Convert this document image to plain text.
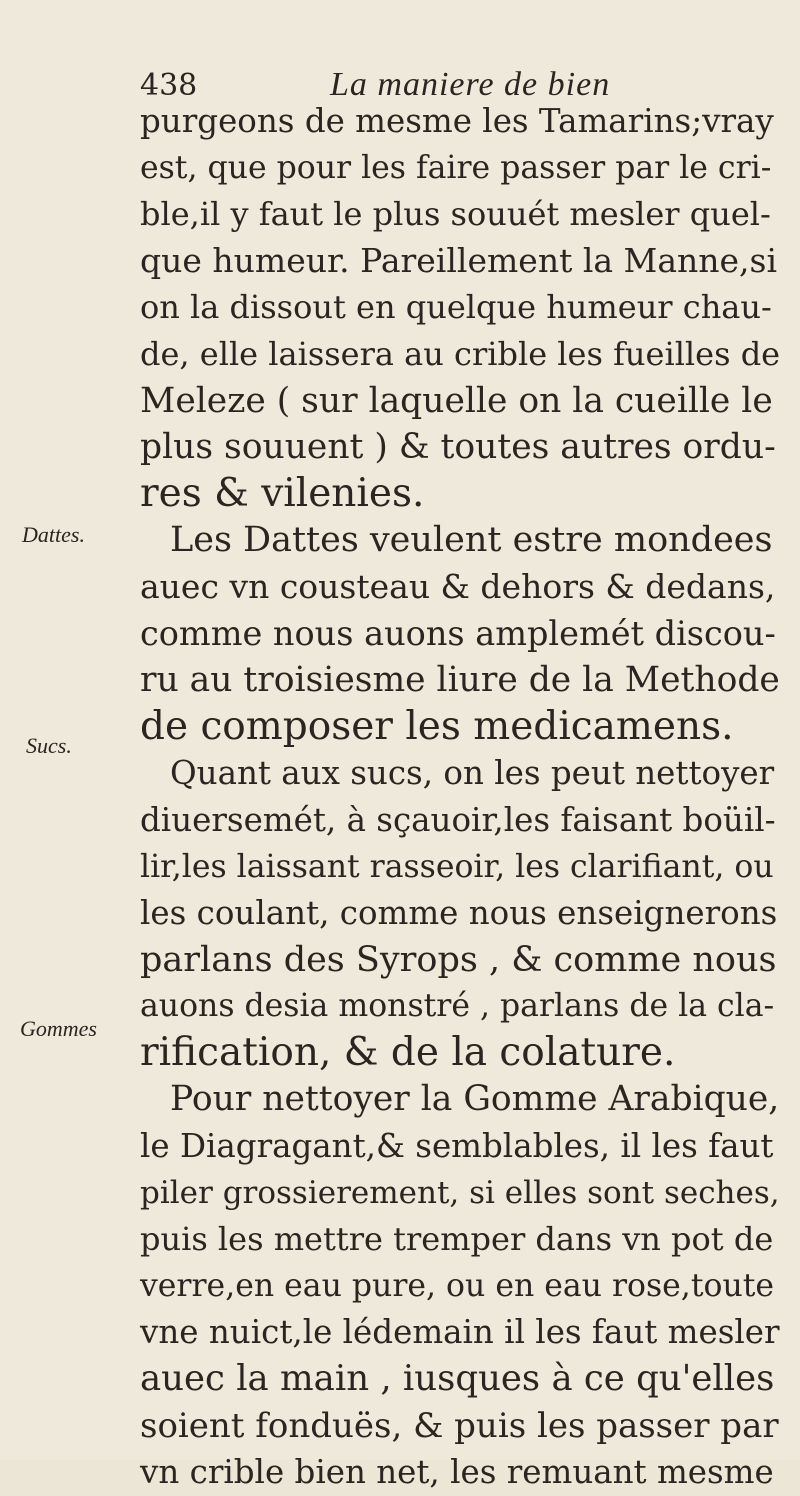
438	La maniere de bien
Dattes.
Sucs.
Gommes
purgeons de mesme les Tamarins;vray
est, que pour les faire passer par le cri-
ble,il y faut le plus souuét mesler quel-
que humeur. Pareillement la Manne,si
on la dissout en quelque humeur chau-
de, elle laissera au crible les fueilles de
Meleze ( sur laquelle on la cueille le
plus souuent ) & toutes autres ordu-
res & vilenies.
Les Dattes veulent estre mondees
auec vn cousteau & dehors & dedans,
comme nous auons amplemét discou-
ru au troisiesme liure de la Methode
de composer les medicamens.
Quant aux sucs, on les peut nettoyer
diuersemét, à sçauoir,les faisant boüil-
lir,les laissant rasseoir, les clarifiant, ou
les coulant, comme nous enseignerons
parlans des Syrops , & comme nous
auons desia monstré , parlans de la cla-
rification, & de la colature.
Pour nettoyer la Gomme Arabique,
le Diagragant,& semblables, il les faut
piler grossierement, si elles sont seches,
puis les mettre tremper dans vn pot de
verre,en eau pure, ou en eau rose,toute
vne nuict,le lédemain il les faut mesler
auec la main , iusques à ce qu'elles
soient fonduës, & puis les passer par
vn crible bien net, les remuant mesme
